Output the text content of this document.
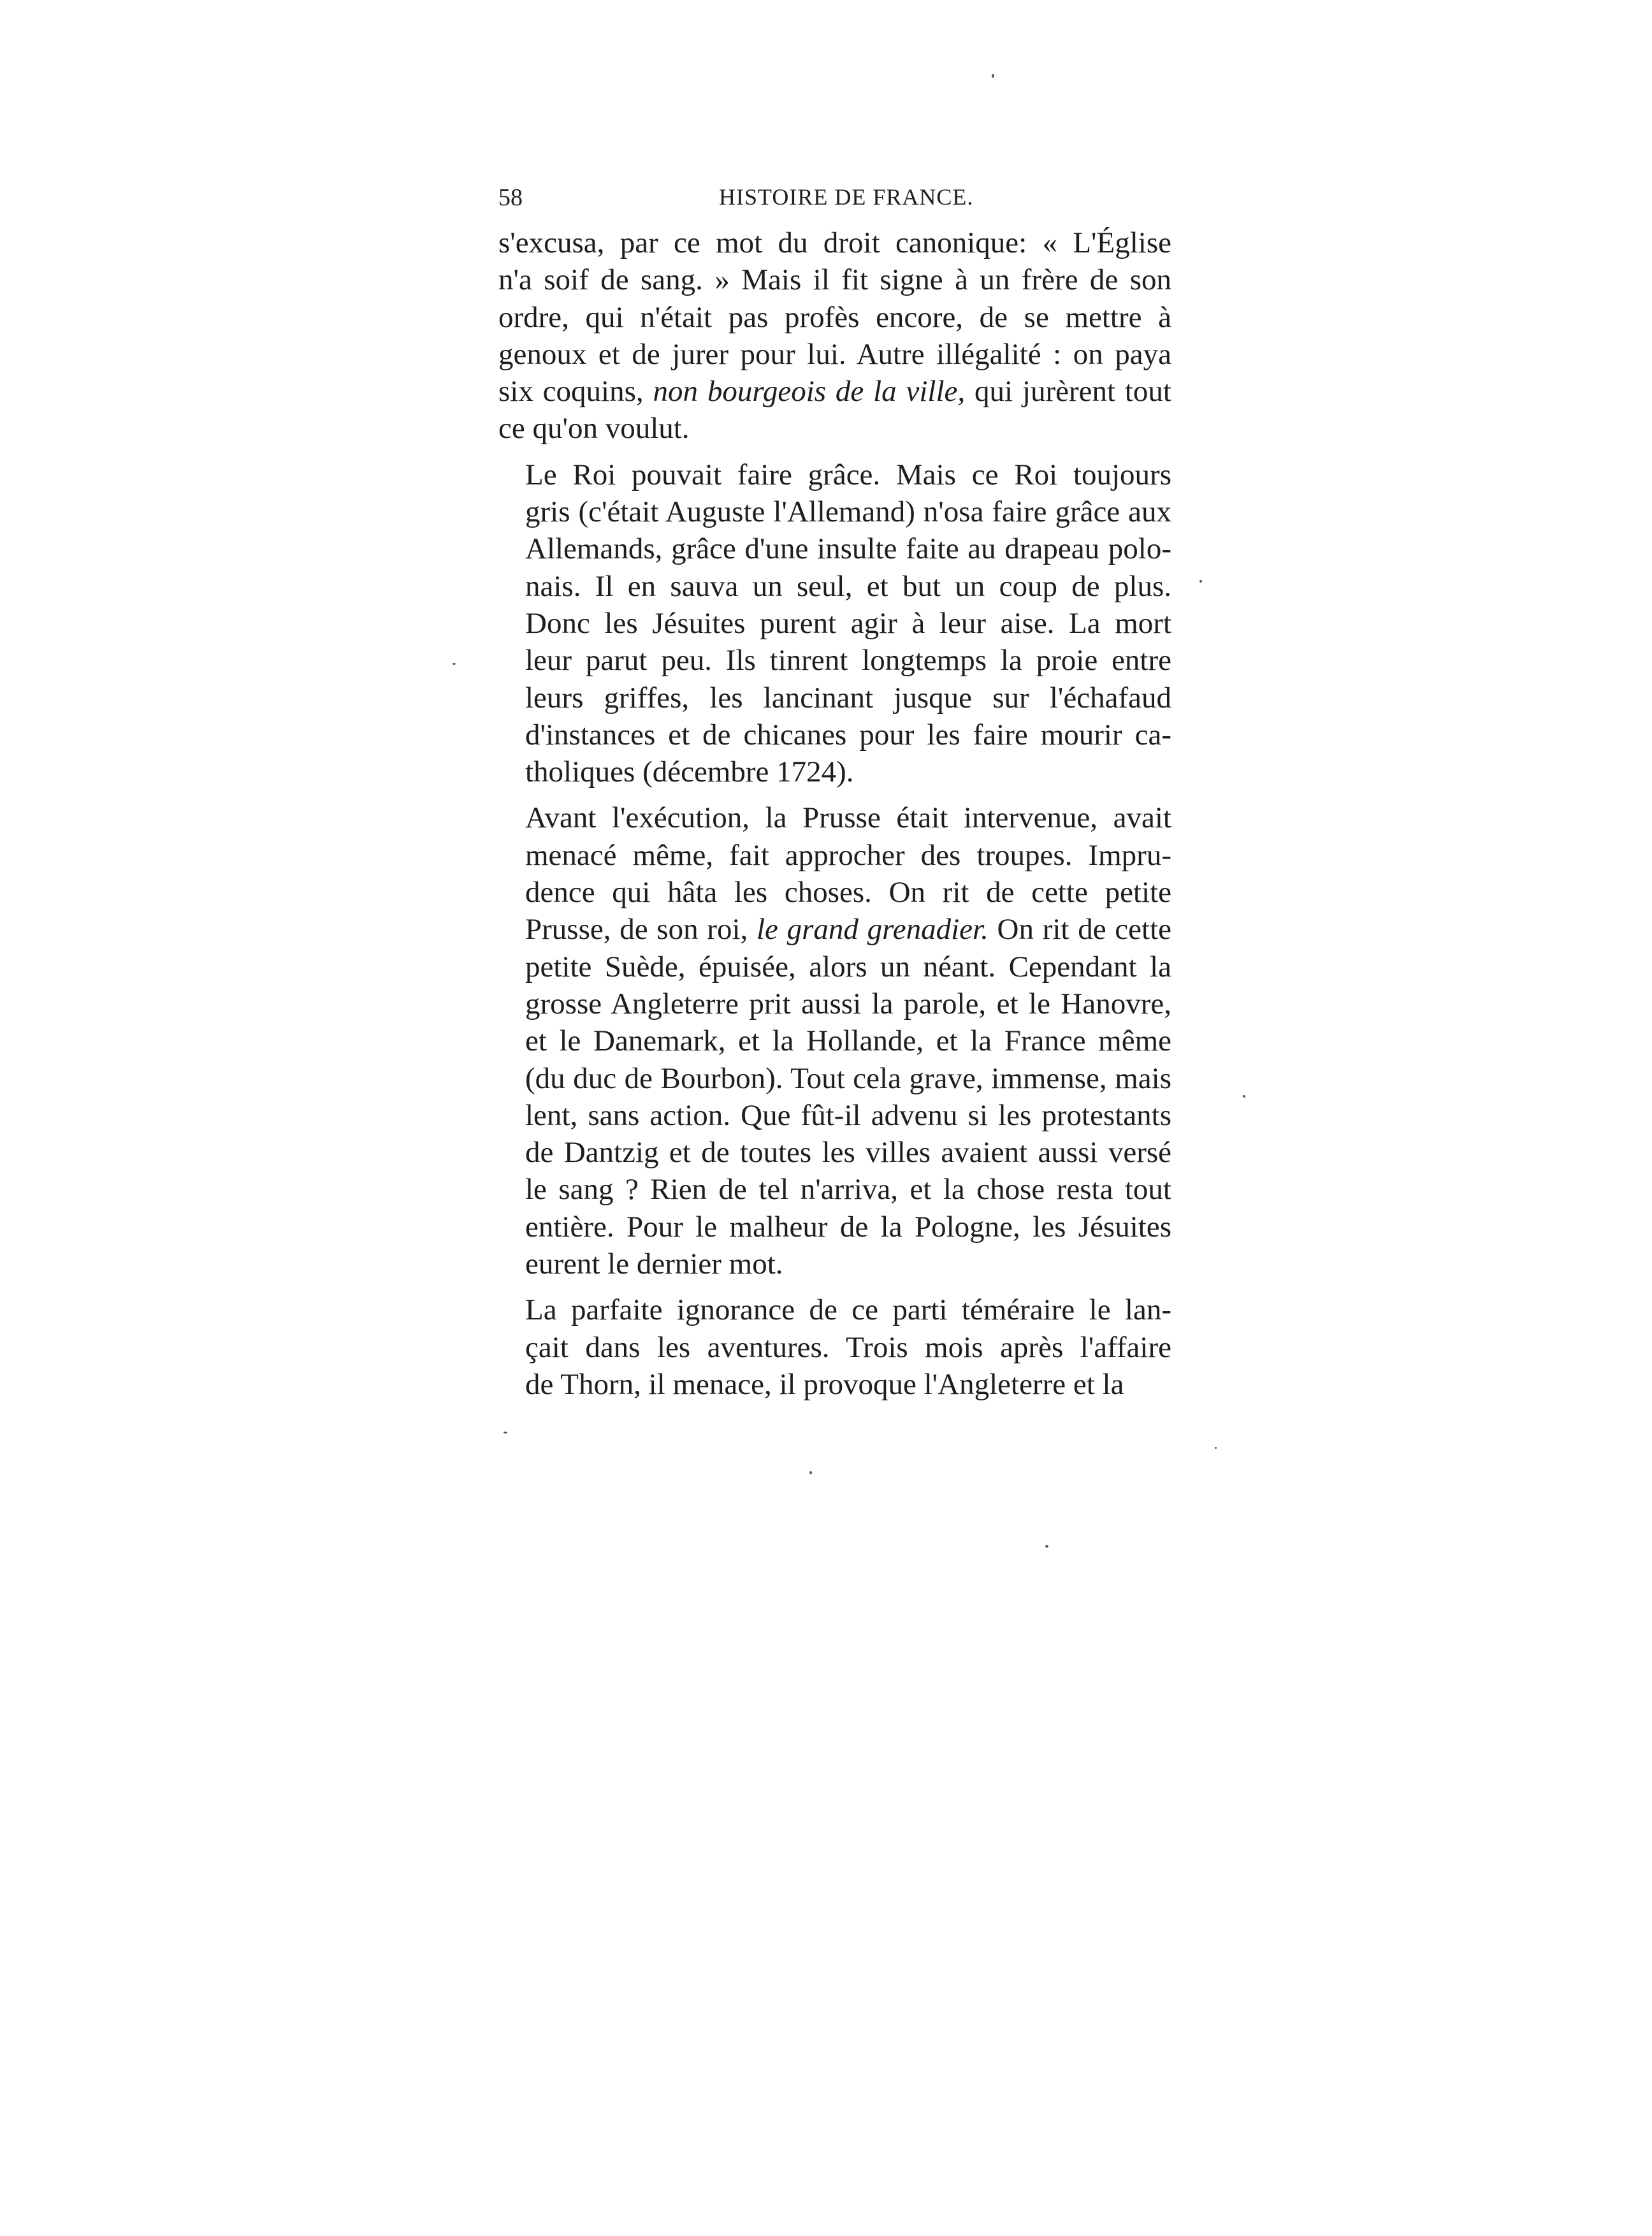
58	HISTOIRE DE FRANCE.
s'excusa, par ce mot du droit canonique: « L'Église
n'a soif de sang. » Mais il fit signe à un frère de son
ordre, qui n'était pas profès encore, de se mettre à
genoux et de jurer pour lui. Autre illégalité : on paya
six coquins, non bourgeois de la ville, qui jurèrent tout
ce qu'on voulut.
Le Roi pouvait faire grâce. Mais ce Roi toujours
gris (c'était Auguste l'Allemand) n'osa faire grâce aux
Allemands, grâce d'une insulte faite au drapeau polo-
nais. Il en sauva un seul, et but un coup de plus.
Donc les Jésuites purent agir à leur aise. La mort
leur parut peu. Ils tinrent longtemps la proie entre
leurs griffes, les lancinant jusque sur l'échafaud
d'instances et de chicanes pour les faire mourir ca-
tholiques (décembre 1724).
Avant l'exécution, la Prusse était intervenue, avait
menacé même, fait approcher des troupes. Impru-
dence qui hâta les choses. On rit de cette petite
Prusse, de son roi, le grand grenadier. On rit de cette
petite Suède, épuisée, alors un néant. Cependant la
grosse Angleterre prit aussi la parole, et le Hanovre,
et le Danemark, et la Hollande, et la France même
(du duc de Bourbon). Tout cela grave, immense, mais
lent, sans action. Que fût-il advenu si les protestants
de Dantzig et de toutes les villes avaient aussi versé
le sang ? Rien de tel n'arriva, et la chose resta tout
entière. Pour le malheur de la Pologne, les Jésuites
eurent le dernier mot.
La parfaite ignorance de ce parti téméraire le lan-
çait dans les aventures. Trois mois après l'affaire
de Thorn, il menace, il provoque l'Angleterre et la
